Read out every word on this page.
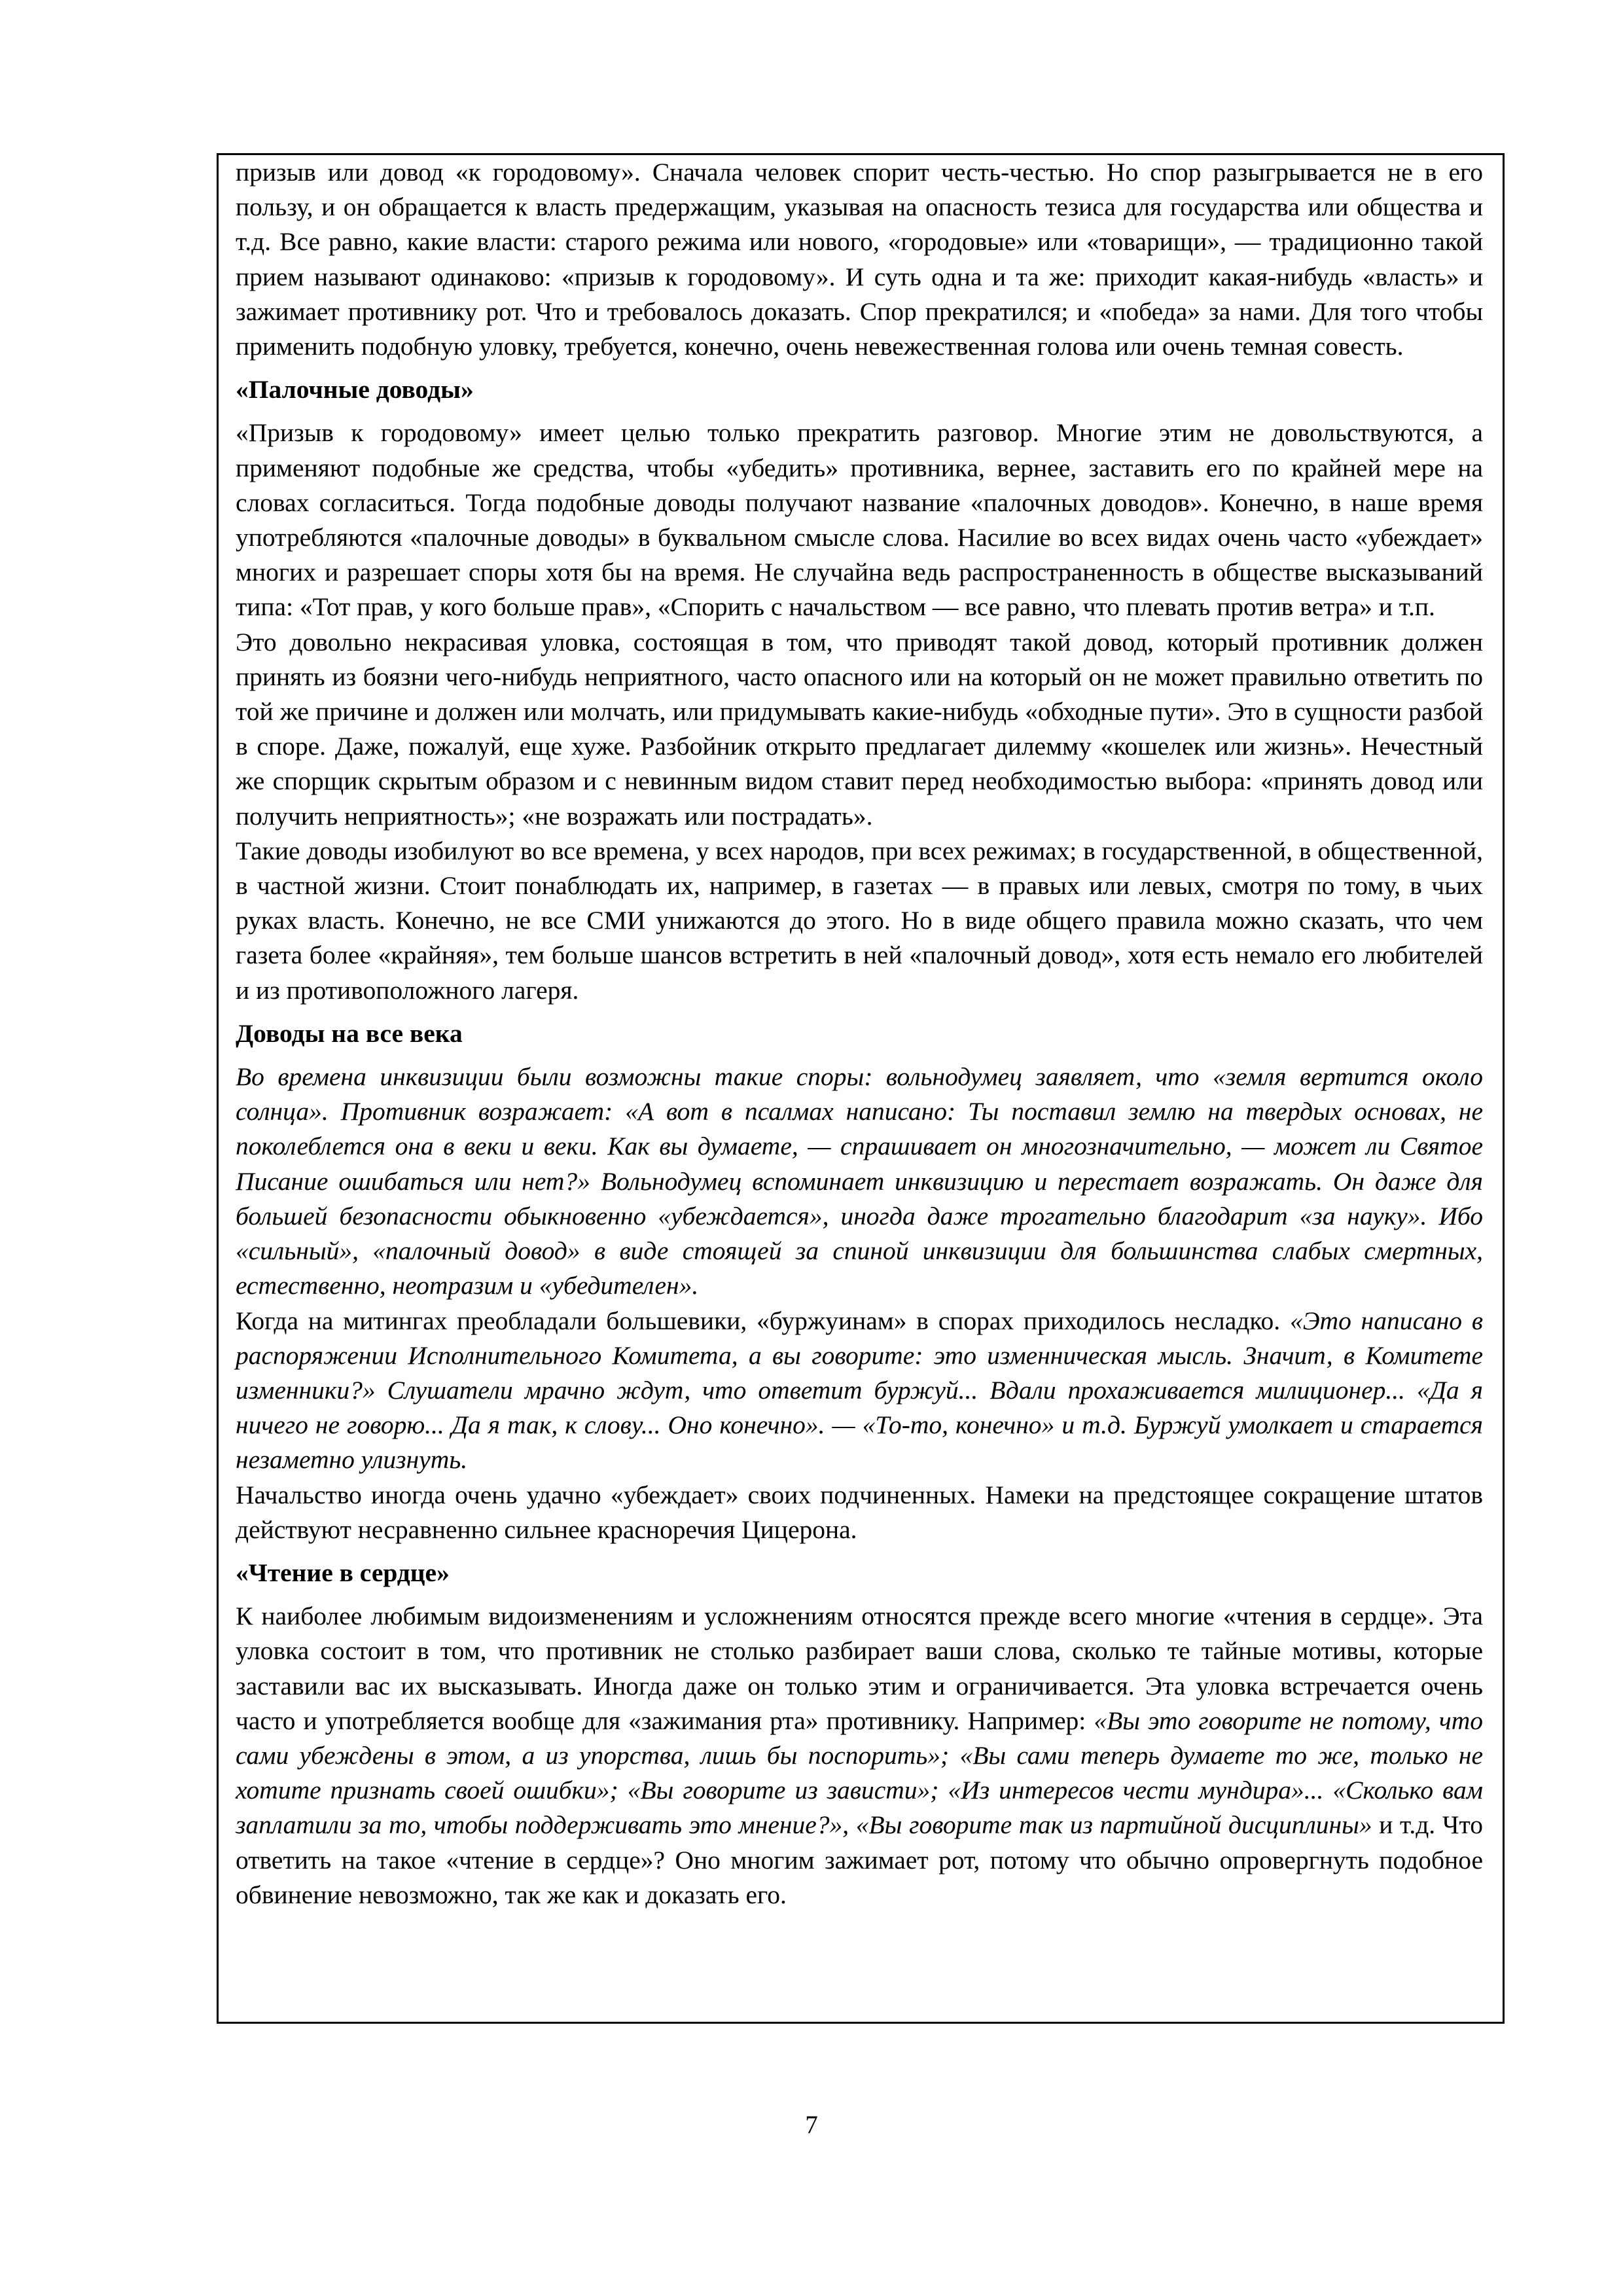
призыв или довод «к городовому». Сначала человек спорит честь-честью. Но спор разыгрывается не в его пользу, и он обращается к власть предержащим, указывая на опасность тезиса для государства или общества и т.д. Все равно, какие власти: старого режима или нового, «городовые» или «товарищи», — традиционно такой прием называют одинаково: «призыв к городовому». И суть одна и та же: приходит какая-нибудь «власть» и зажимает противнику рот. Что и требовалось доказать. Спор прекратился; и «победа» за нами. Для того чтобы применить подобную уловку, требуется, конечно, очень невежественная голова или очень темная совесть.

«Палочные доводы»

«Призыв к городовому» имеет целью только прекратить разговор. Многие этим не довольствуются, а применяют подобные же средства, чтобы «убедить» противника, вернее, заставить его по крайней мере на словах согласиться. Тогда подобные доводы получают название «палочных доводов». Конечно, в наше время употребляются «палочные доводы» в буквальном смысле слова. Насилие во всех видах очень часто «убеждает» многих и разрешает споры хотя бы на время. Не случайна ведь распространенность в обществе высказываний типа: «Тот прав, у кого больше прав», «Спорить с начальством — все равно, что плевать против ветра» и т.п.

Это довольно некрасивая уловка, состоящая в том, что приводят такой довод, который противник должен принять из боязни чего-нибудь неприятного, часто опасного или на который он не может правильно ответить по той же причине и должен или молчать, или придумывать какие-нибудь «обходные пути». Это в сущности разбой в споре. Даже, пожалуй, еще хуже. Разбойник открыто предлагает дилемму «кошелек или жизнь». Нечестный же спорщик скрытым образом и с невинным видом ставит перед необходимостью выбора: «принять довод или получить неприятность»; «не возражать или пострадать».

Такие доводы изобилуют во все времена, у всех народов, при всех режимах; в государственной, в общественной, в частной жизни. Стоит понаблюдать их, например, в газетах — в правых или левых, смотря по тому, в чьих руках власть. Конечно, не все СМИ унижаются до этого. Но в виде общего правила можно сказать, что чем газета более «крайняя», тем больше шансов встретить в ней «палочный довод», хотя есть немало его любителей и из противоположного лагеря.

Доводы на все века

Во времена инквизиции были возможны такие споры: вольнодумец заявляет, что «земля вертится около солнца». Противник возражает: «А вот в псалмах написано: Ты поставил землю на твердых основах, не поколеблется она в веки и веки. Как вы думаете, — спрашивает он многозначительно, — может ли Святое Писание ошибаться или нет?» Вольнодумец вспоминает инквизицию и перестает возражать. Он даже для большей безопасности обыкновенно «убеждается», иногда даже трогательно благодарит «за науку». Ибо «сильный», «палочный довод» в виде стоящей за спиной инквизиции для большинства слабых смертных, естественно, неотразим и «убедителен».

Когда на митингах преобладали большевики, «буржуинам» в спорах приходилось несладко. «Это написано в распоряжении Исполнительного Комитета, а вы говорите: это изменническая мысль. Значит, в Комитете изменники?» Слушатели мрачно ждут, что ответит буржуй... Вдали прохаживается милиционер... «Да я ничего не говорю... Да я так, к слову... Оно конечно». — «То-то, конечно» и т.д. Буржуй умолкает и старается незаметно улизнуть.

Начальство иногда очень удачно «убеждает» своих подчиненных. Намеки на предстоящее сокращение штатов действуют несравненно сильнее красноречия Цицерона.

«Чтение в сердце»

К наиболее любимым видоизменениям и усложнениям относятся прежде всего многие «чтения в сердце». Эта уловка состоит в том, что противник не столько разбирает ваши слова, сколько те тайные мотивы, которые заставили вас их высказывать. Иногда даже он только этим и ограничивается. Эта уловка встречается очень часто и употребляется вообще для «зажимания рта» противнику. Например: «Вы это говорите не потому, что сами убеждены в этом, а из упорства, лишь бы поспорить»; «Вы сами теперь думаете то же, только не хотите признать своей ошибки»; «Вы говорите из зависти»; «Из интересов чести мундира»... «Сколько вам заплатили за то, чтобы поддерживать это мнение?», «Вы говорите так из партийной дисциплины» и т.д. Что ответить на такое «чтение в сердце»? Оно многим зажимает рот, потому что обычно опровергнуть подобное обвинение невозможно, так же как и доказать его.

7
